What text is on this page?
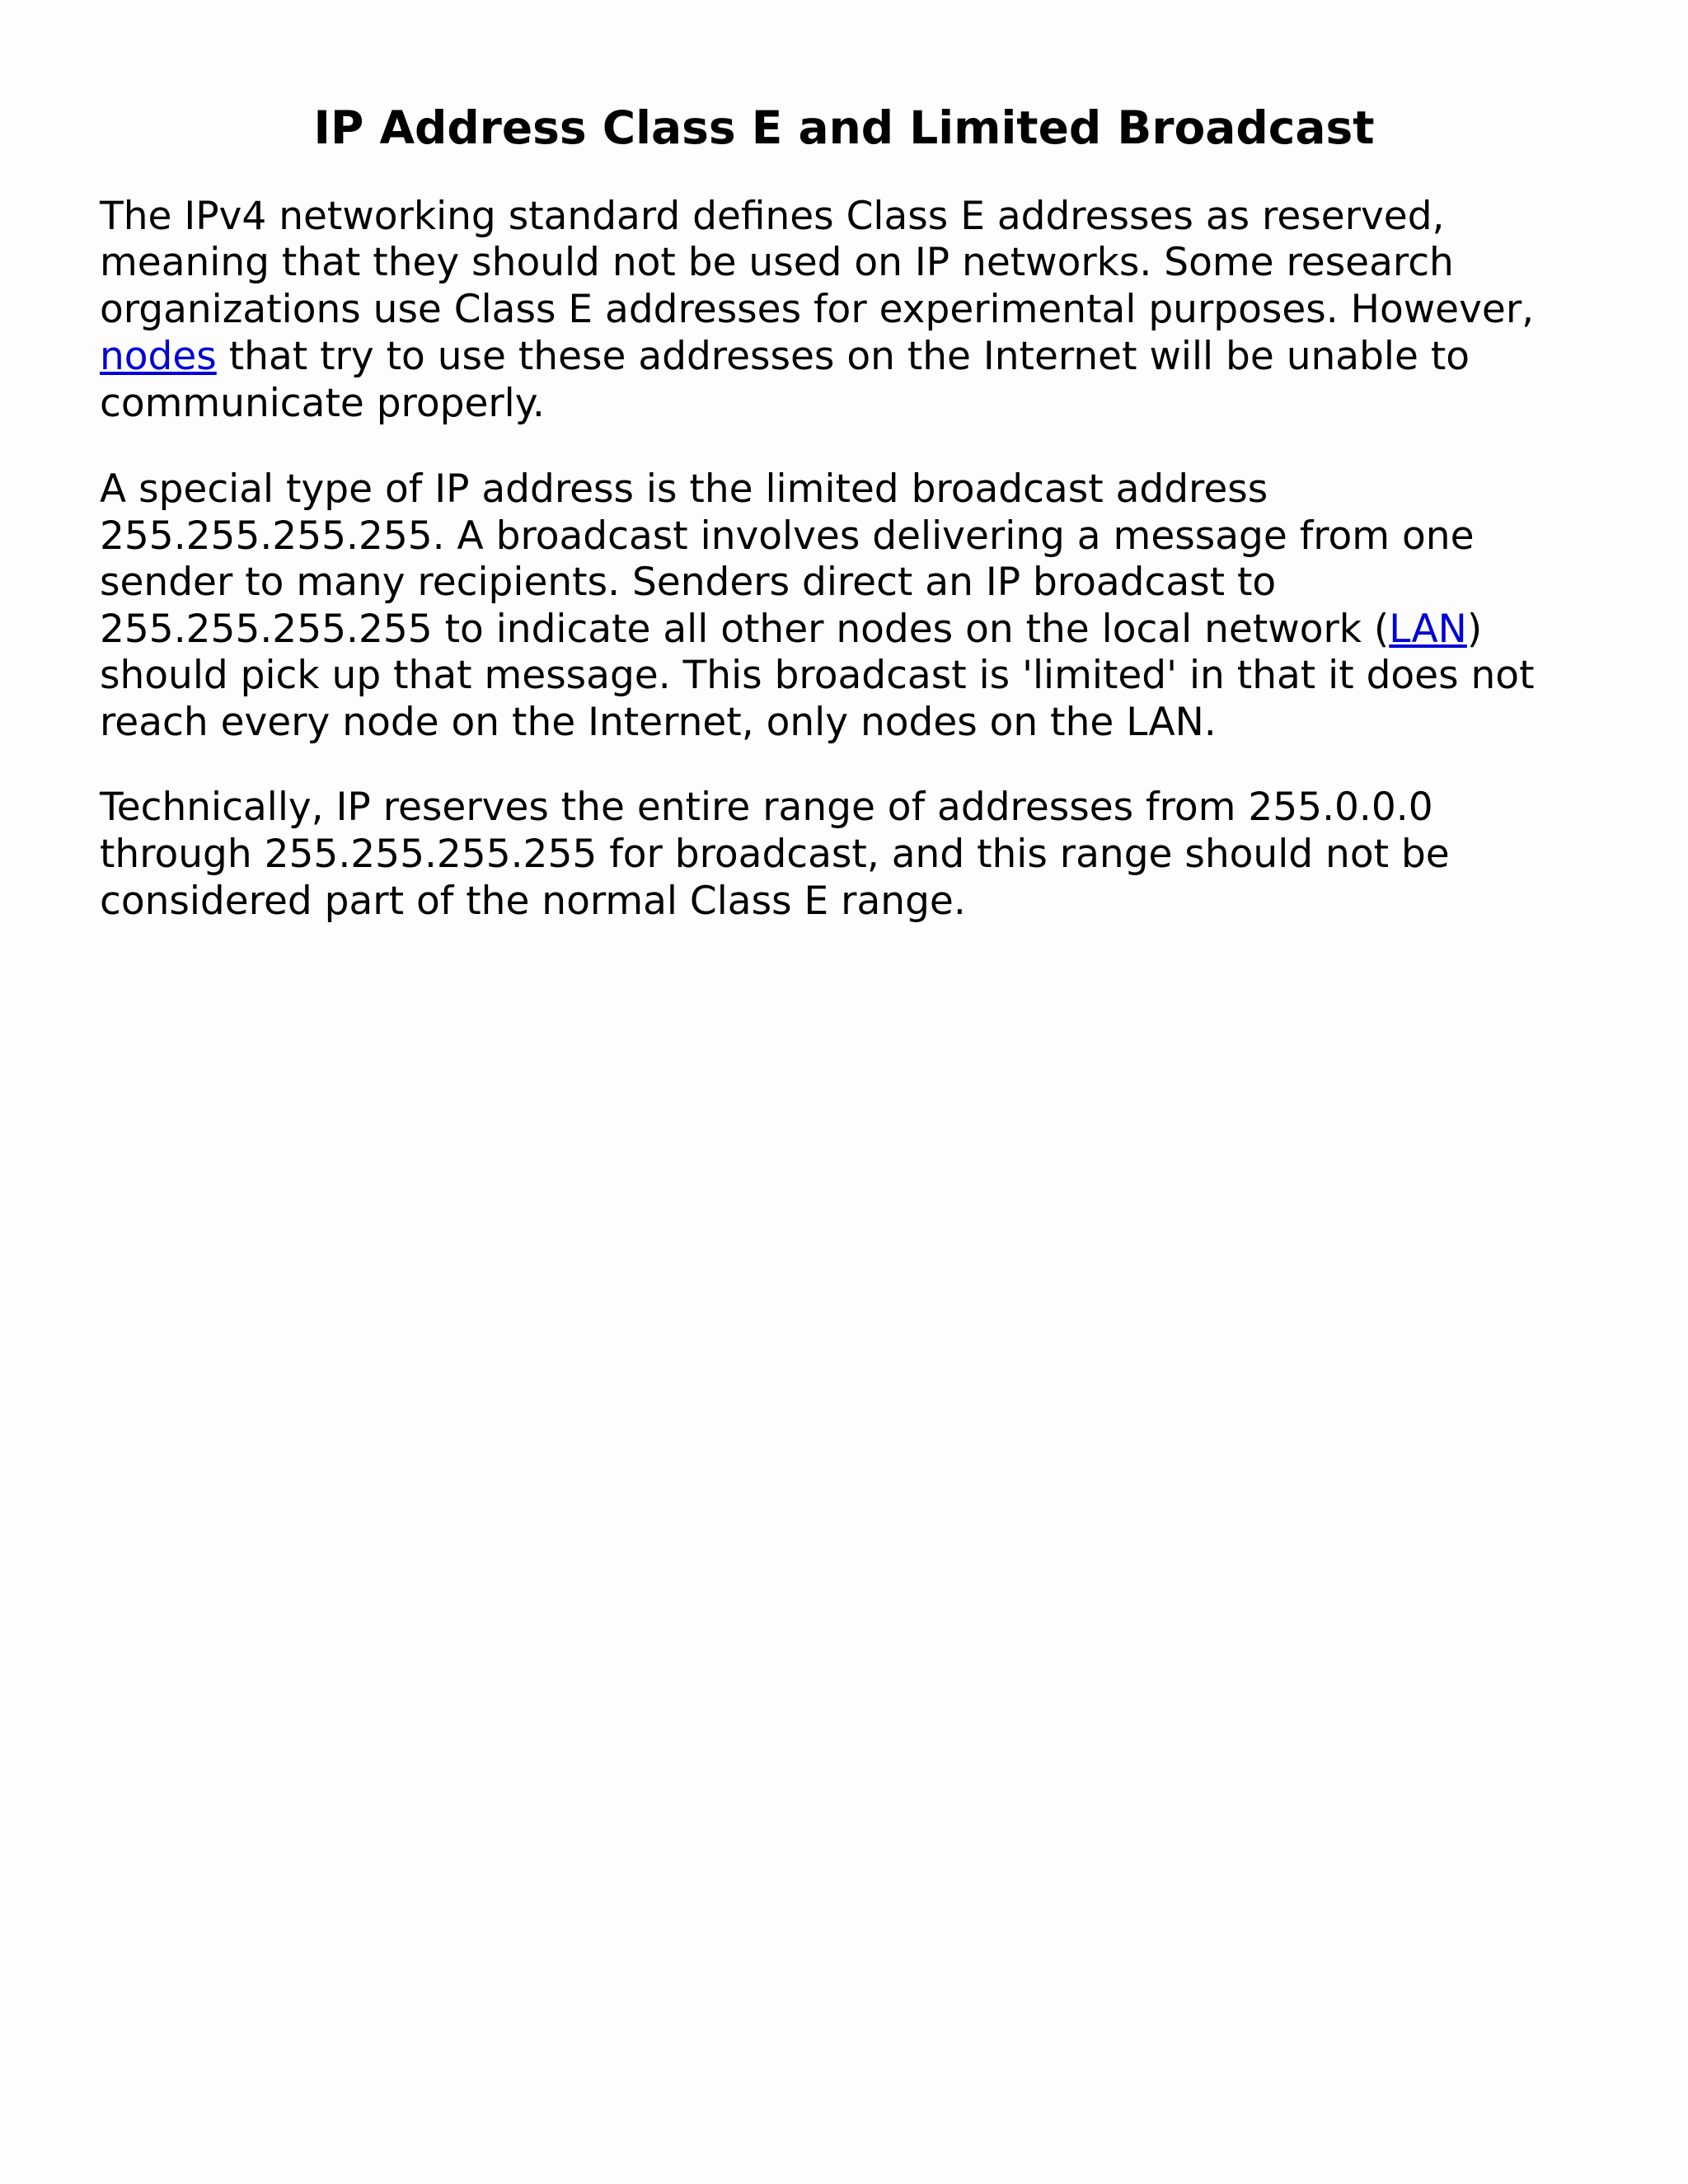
IP Address Class E and Limited Broadcast

The IPv4 networking standard defines Class E addresses as reserved,

meaning that they should not be used on IP networks. Some research

organizations use Class E addresses for experimental purposes. However,

nodes that try to use these addresses on the Internet will be unable to

communicate properly.

A special type of IP address is the limited broadcast address

255.255.255.255. A broadcast involves delivering a message from one

sender to many recipients. Senders direct an IP broadcast to

255.255.255.255 to indicate all other nodes on the local network (LAN)

should pick up that message. This broadcast is 'limited' in that it does not

reach every node on the Internet, only nodes on the LAN.

Technically, IP reserves the entire range of addresses from 255.0.0.0

through 255.255.255.255 for broadcast, and this range should not be

considered part of the normal Class E range.
